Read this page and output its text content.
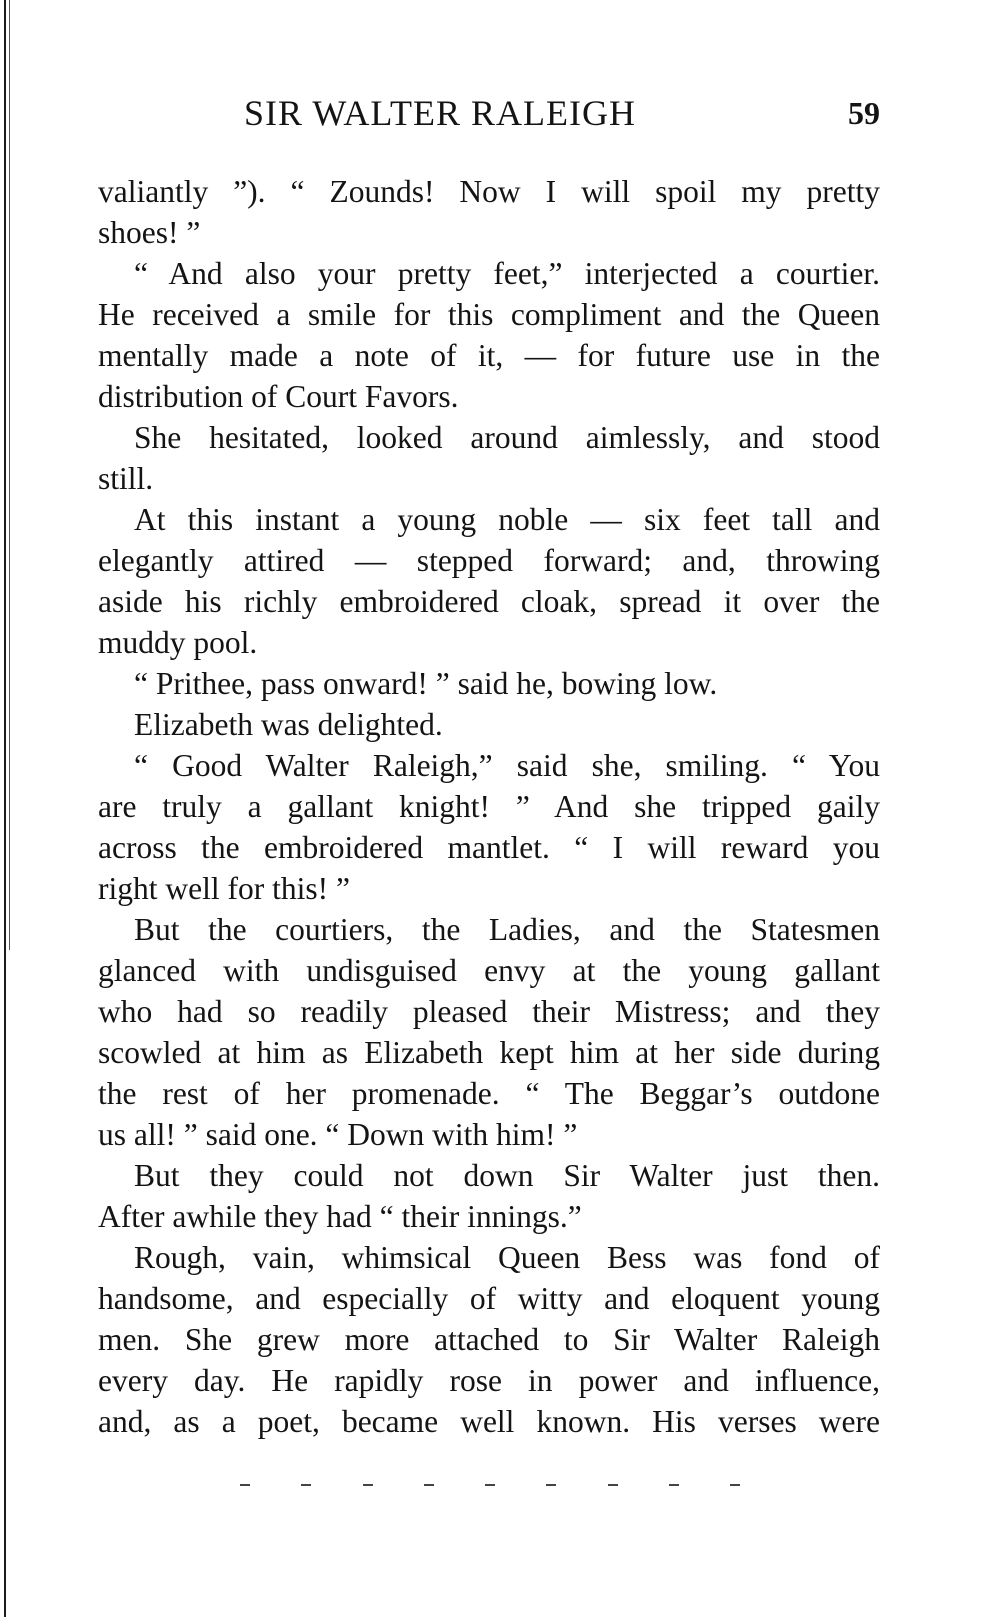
SIR WALTER RALEIGH	59
valiantly ”). “ Zounds! Now I will spoil my pretty
shoes! ”
“ And also your pretty feet,” interjected a courtier.
He received a smile for this compliment and the Queen
mentally made a note of it, — for future use in the
distribution of Court Favors.
She hesitated, looked around aimlessly, and stood
still.
At this instant a young noble — six feet tall and
elegantly attired — stepped forward; and, throwing
aside his richly embroidered cloak, spread it over the
muddy pool.
“ Prithee, pass onward! ” said he, bowing low.
Elizabeth was delighted.
“ Good Walter Raleigh,” said she, smiling. “ You
are truly a gallant knight! ” And she tripped gaily
across the embroidered mantlet. “ I will reward you
right well for this! ”
But the courtiers, the Ladies, and the Statesmen
glanced with undisguised envy at the young gallant
who had so readily pleased their Mistress; and they
scowled at him as Elizabeth kept him at her side during
the rest of her promenade. “ The Beggar’s outdone
us all! ” said one. “ Down with him! ”
But they could not down Sir Walter just then.
After awhile they had “ their innings.”
Rough, vain, whimsical Queen Bess was fond of
handsome, and especially of witty and eloquent young
men. She grew more attached to Sir Walter Raleigh
every day. He rapidly rose in power and influence,
and, as a poet, became well known. His verses were
